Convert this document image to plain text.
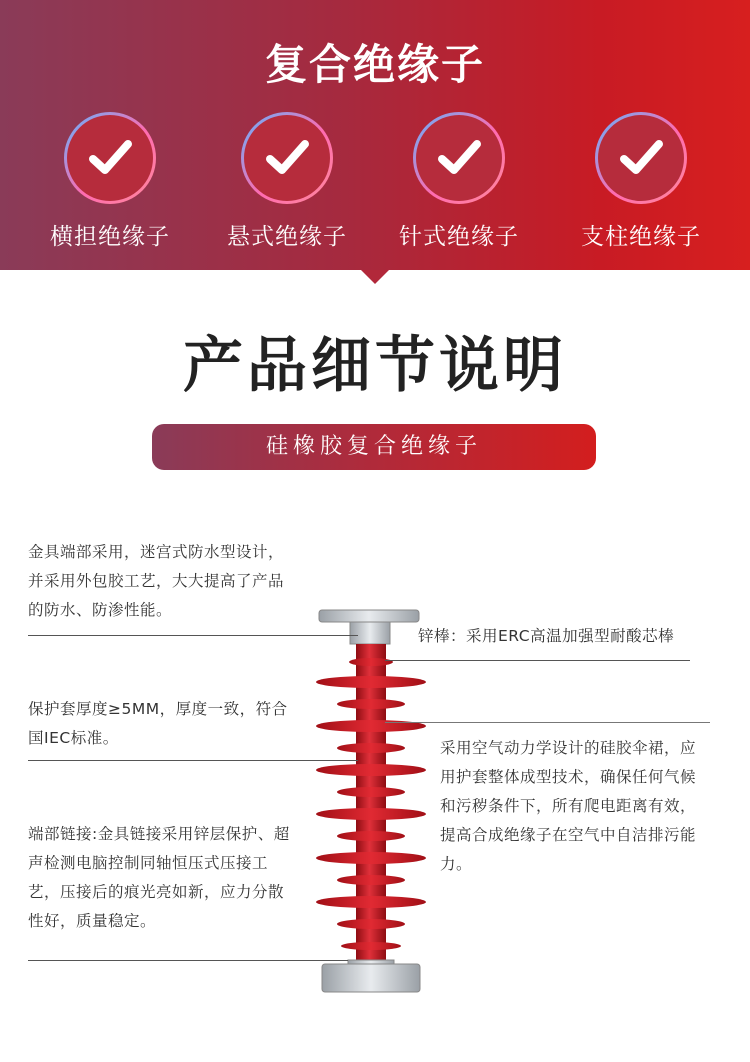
复合绝缘子
横担绝缘子	悬式绝缘子	针式绝缘子	支柱绝缘子
产品细节说明
硅橡胶复合绝缘子
金具端部采用，迷宫式防水型设计，
并采用外包胶工艺，大大提高了产品
的防水、防渗性能。
保护套厚度≥5MM，厚度一致，符合
国IEC标准。
端部链接:金具链接采用锌层保护、超
声检测电脑控制同轴恒压式压接工
艺，压接后的痕光亮如新，应力分散
性好，质量稳定。
锌棒：采用ERC高温加强型耐酸芯棒
采用空气动力学设计的硅胶伞裙，应
用护套整体成型技术，确保任何气候
和污秽条件下，所有爬电距离有效，
提高合成绝缘子在空气中自洁排污能
力。
